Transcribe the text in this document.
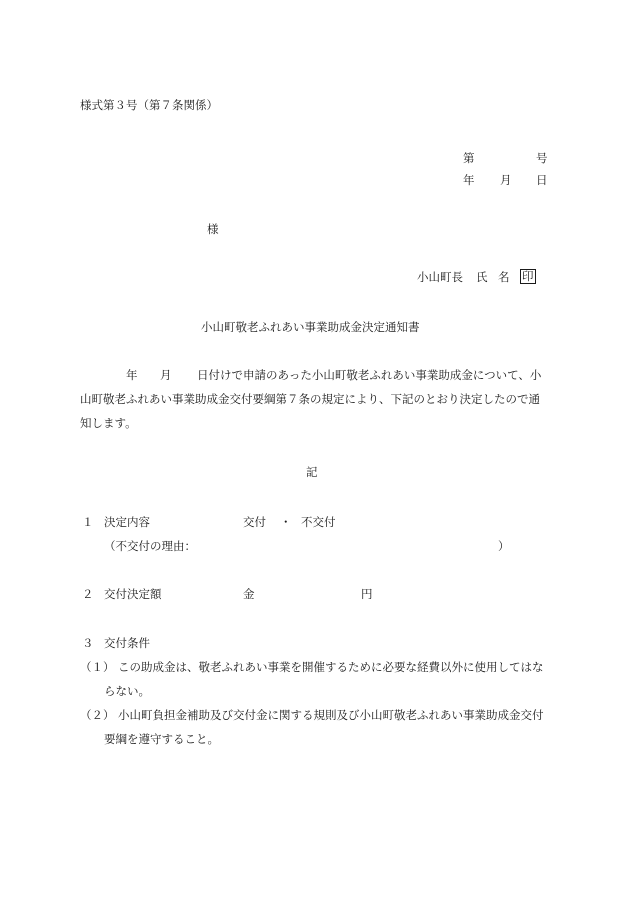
様式第３号（第７条関係）
第	号
年 月 日
様
小山町長 氏 名 印
小山町敬老ふれあい事業助成金決定通知書
年 月 日付けで申請のあった小山町敬老ふれあい事業助成金について、小
山町敬老ふれあい事業助成金交付要綱第７条の規定により、下記のとおり決定したので通
知します。
記
１ 決定内容	交付 ・ 不交付
（不交付の理由：	）
２ 交付決定額	金	円
３ 交付条件
（１） この助成金は、敬老ふれあい事業を開催するために必要な経費以外に使用してはな
らない。
（２） 小山町負担金補助及び交付金に関する規則及び小山町敬老ふれあい事業助成金交付
要綱を遵守すること。
